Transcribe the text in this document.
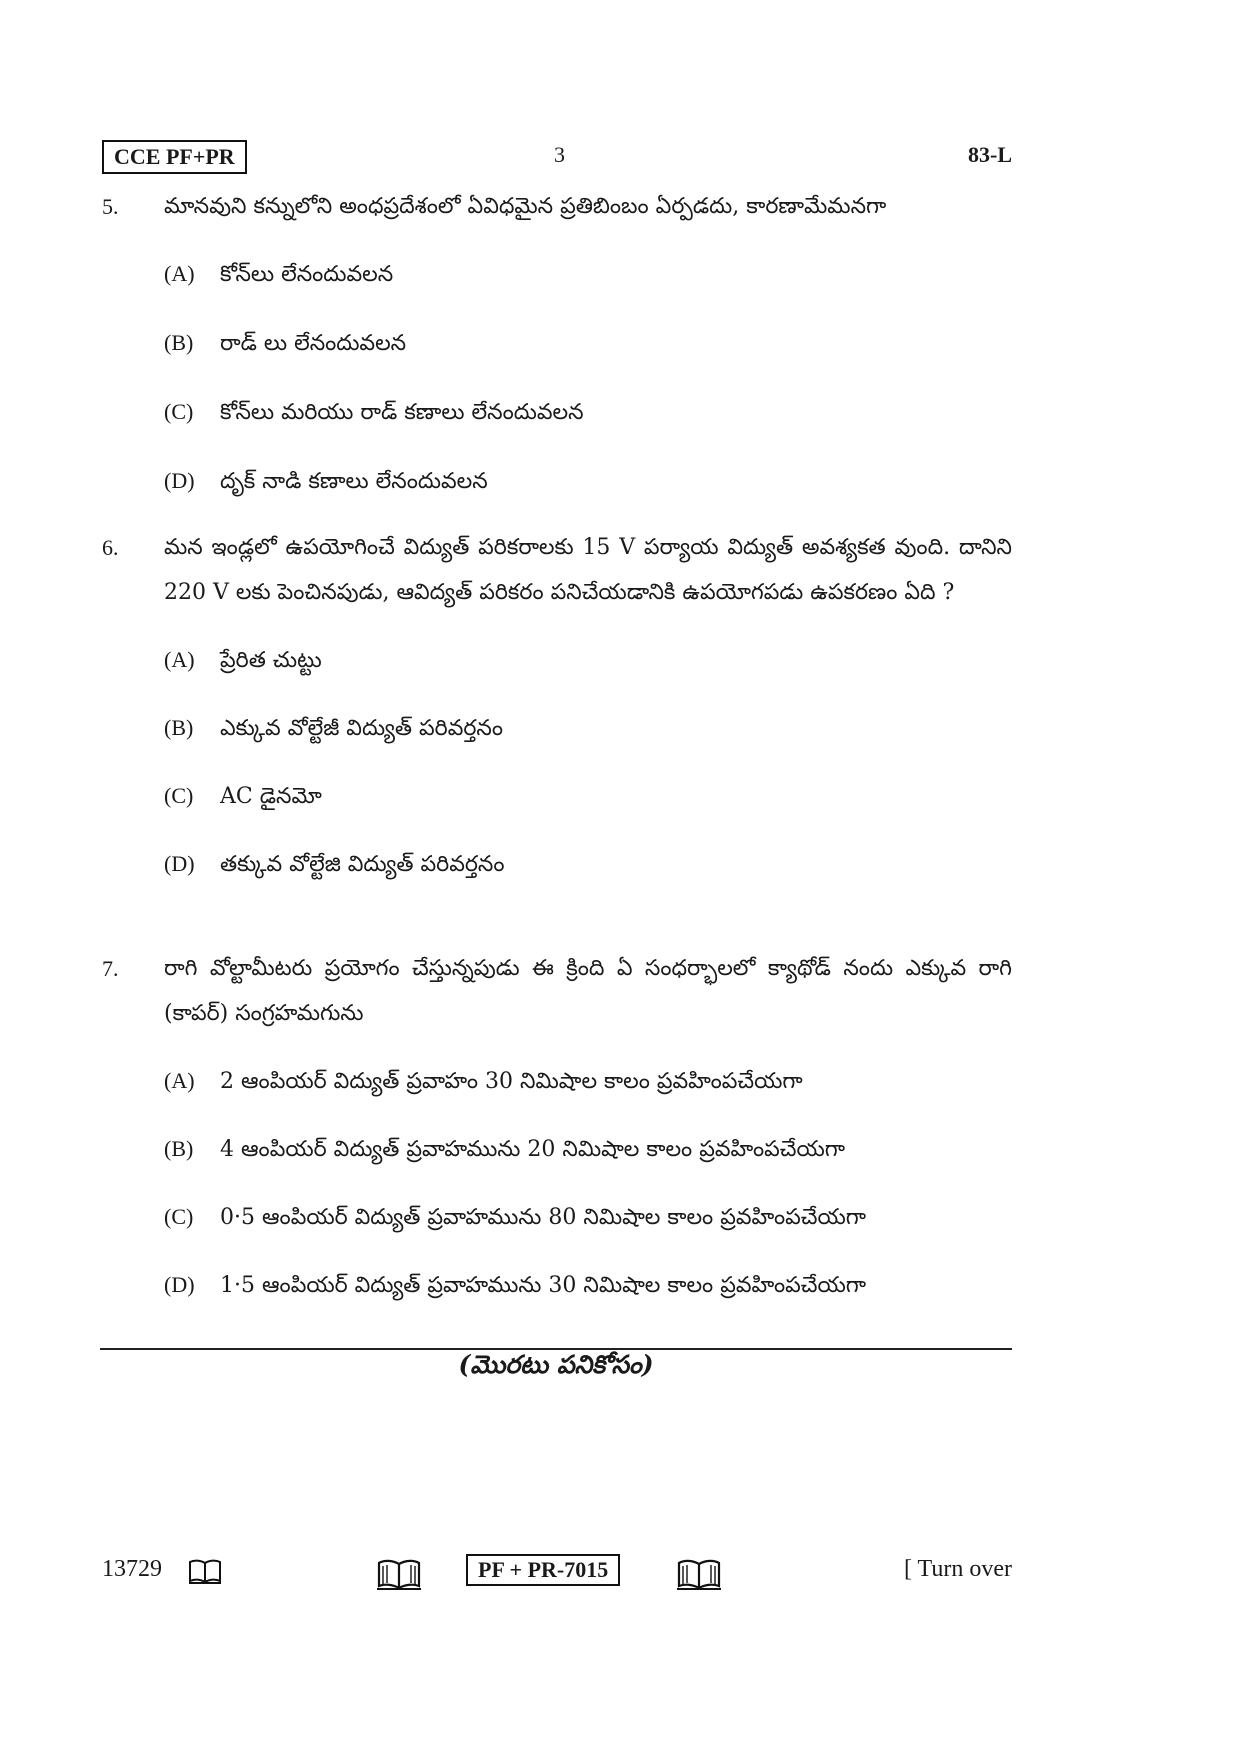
CCE PF+PR	3	83-L
5. మానవుని కన్నులోని అంధప్రదేశంలో ఏవిధమైన ప్రతిబింబం ఏర్పడదు, కారణామేమనగా
(A) కోన్‌లు లేనందువలన
(B) రాడ్ లు లేనందువలన
(C) కోన్‌లు మరియు రాడ్ కణాలు లేనందువలన
(D) దృక్ నాడి కణాలు లేనందువలన
6. మన ఇండ్లలో ఉపయోగించే విద్యుత్ పరికరాలకు 15 V పర్యాయ విద్యుత్ అవశ్యకత వుంది. దానిని 220 V లకు పెంచినపుడు, ఆవిద్యత్ పరికరం పనిచేయడానికి ఉపయోగపడు ఉపకరణం ఏది ?
(A) ప్రేరిత చుట్టు
(B) ఎక్కువ వోల్టేజీ విద్యుత్ పరివర్తనం
(C) AC డైనమో
(D) తక్కువ వోల్టేజి విద్యుత్ పరివర్తనం
7. రాగి వోల్టామీటరు ప్రయోగం చేస్తున్నపుడు ఈ క్రింది ఏ సంధర్భాలలో క్యాథోడ్ నందు ఎక్కువ రాగి (కాపర్) సంగ్రహమగును
(A) 2 ఆంపియర్ విద్యుత్ ప్రవాహం 30 నిమిషాల కాలం ప్రవహింపచేయగా
(B) 4 ఆంపియర్ విద్యుత్ ప్రవాహమును 20 నిమిషాల కాలం ప్రవహింపచేయగా
(C) 0·5 ఆంపియర్ విద్యుత్ ప్రవాహమును 80 నిమిషాల కాలం ప్రవహింపచేయగా
(D) 1·5 ఆంపియర్ విద్యుత్ ప్రవాహమును 30 నిమిషాల కాలం ప్రవహింపచేయగా
(మొరటు పనికోసం)
13729	PF + PR-7015	[ Turn over
